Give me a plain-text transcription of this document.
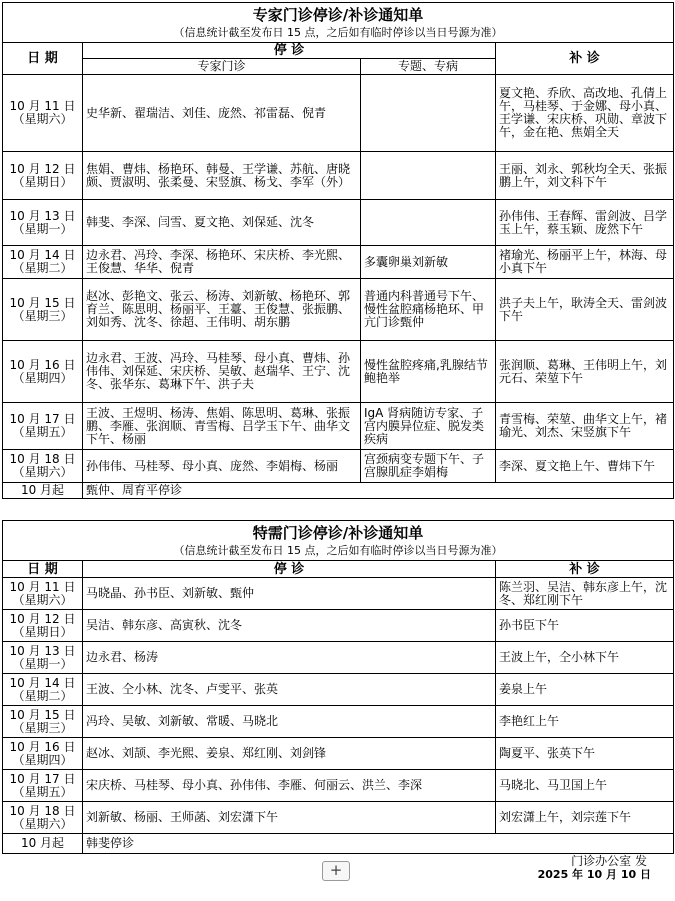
专家门诊停诊/补诊通知单
（信息统计截至发布日 15 点，之后如有临时停诊以当日号源为准）			

日 期	停 诊		补 诊
	专家门诊	专题、专病	
10 月 11 日
（星期六）	史华新、翟瑞洁、刘佳、庞然、祁雷磊、倪青		夏文艳、乔欣、高改地、孔倩上午，马桂琴、于金娜、母小真、王学谦、宋庆桥、巩勋、章波下午，金在艳、焦娟全天
10 月 12 日
（星期日）	焦娟、曹炜、杨艳环、韩曼、王学谦、苏航、唐晓颇、贾淑明、张柔曼、宋竖旗、杨戈、李军（外）		王丽、刘永、郭秋均全天、张振鹏上午，刘文科下午
10 月 13 日
（星期一）	韩斐、李深、闫雪、夏文艳、刘保延、沈冬		孙伟伟、王春辉、雷剑波、吕学玉上午，蔡玉颖、庞然下午
10 月 14 日
（星期二）	边永君、冯玲、李深、杨艳环、宋庆桥、李光熙、王俊慧、华华、倪青	多囊卵巢刘新敏	褚瑜光、杨丽平上午，林海、母小真下午
10 月 15 日
（星期三）	赵冰、彭艳文、张云、杨涛、刘新敏、杨艳环、郭育兰、陈思明、杨丽平、王薹、王俊慧、张振鹏、刘如秀、沈冬、徐超、王伟明、胡东鹏	普通内科普通号下午、慢性盆腔痛杨艳环、甲亢门诊甄仲	洪子夫上午，耿涛全天、雷剑波下午
10 月 16 日
（星期四）	边永君、王波、冯玲、马桂琴、母小真、曹炜、孙伟伟、刘保延、宋庆桥、吴敏、赵瑞华、王宁、沈冬、张华东、葛琳下午、洪子夫	慢性盆腔疼痛,乳腺结节鲍艳举	张润顺、葛琳、王伟明上午，刘元石、荣堃下午
10 月 17 日
（星期五）	王波、王煜明、杨涛、焦娟、陈思明、葛琳、张振鹏、李雁、张润顺、青雪梅、吕学玉下午、曲华文下午、杨丽	IgA 肾病随访专家、子宫内膜异位症、脱发类疾病	青雪梅、荣堃、曲华文上午，褚瑜光、刘杰、宋竖旗下午
10 月 18 日
（星期六）	孙伟伟、马桂琴、母小真、庞然、李娟梅、杨丽	宫颈病变专题下午、子宫腺肌症李娟梅	李深、夏文艳上午、曹炜下午
10 月起	甄仲、周育平停诊		
特需门诊停诊/补诊通知单
（信息统计截至发布日 15 点，之后如有临时停诊以当日号源为准）		

日 期	停 诊	补 诊
10 月 11 日
（星期六）	马晓晶、孙书臣、刘新敏、甄仲	陈兰羽、吴洁、韩东彦上午，沈冬、郑红刚下午
10 月 12 日
（星期日）	吴洁、韩东彦、高寅秋、沈冬	孙书臣下午
10 月 13 日
（星期一）	边永君、杨涛	王波上午，仝小林下午
10 月 14 日
（星期二）	王波、仝小林、沈冬、卢雯平、张英	姜泉上午
10 月 15 日
（星期三）	冯玲、吴敏、刘新敏、常暖、马晓北	李艳红上午
10 月 16 日
（星期四）	赵冰、刘颉、李光熙、姜泉、郑红刚、刘剑锋	陶夏平、张英下午
10 月 17 日
（星期五）	宋庆桥、马桂琴、母小真、孙伟伟、李雁、何丽云、洪兰、李深	马晓北、马卫国上午
10 月 18 日
（星期六）	刘新敏、杨丽、王师菡、刘宏潇下午	刘宏潇上午，刘宗莲下午
10 月起	韩斐停诊	
门诊办公室 发
2025 年 10 月 10 日
+
